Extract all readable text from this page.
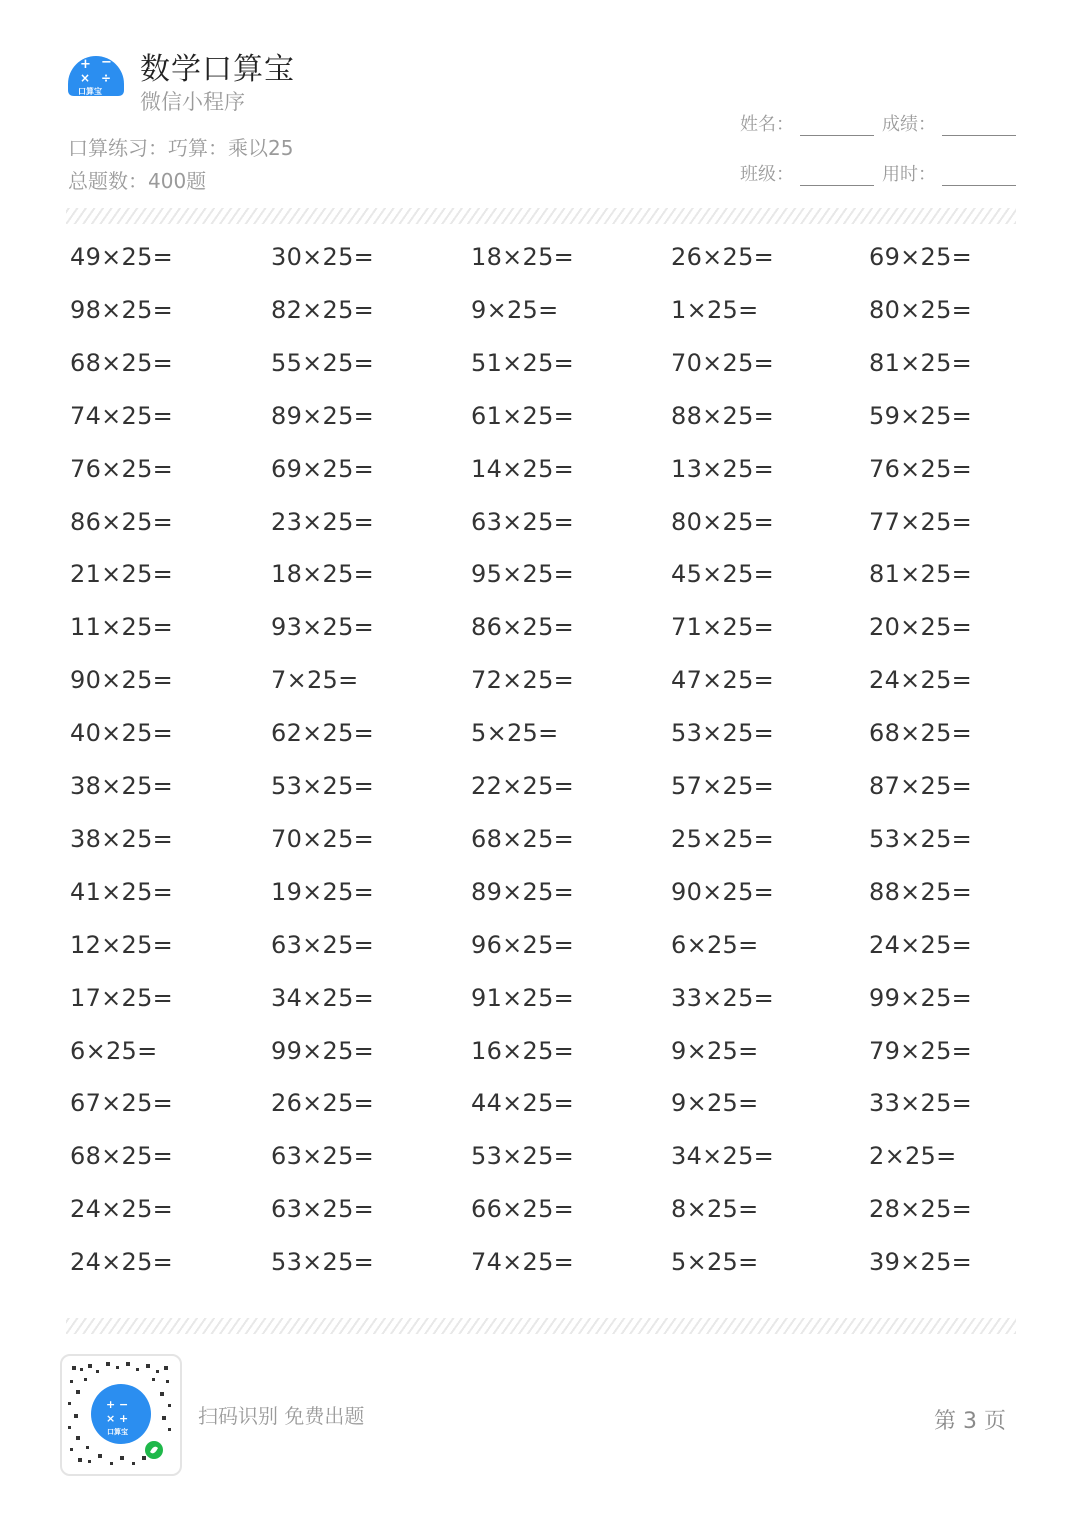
+ −
× ÷
口算宝
数学口算宝
微信小程序
口算练习：巧算：乘以25
总题数：400题
姓名：	成绩：
班级：	用时：
49×25=	30×25=	18×25=	26×25=	69×25=
98×25=	82×25=	9×25=	1×25=	80×25=
68×25=	55×25=	51×25=	70×25=	81×25=
74×25=	89×25=	61×25=	88×25=	59×25=
76×25=	69×25=	14×25=	13×25=	76×25=
86×25=	23×25=	63×25=	80×25=	77×25=
21×25=	18×25=	95×25=	45×25=	81×25=
11×25=	93×25=	86×25=	71×25=	20×25=
90×25=	7×25=	72×25=	47×25=	24×25=
40×25=	62×25=	5×25=	53×25=	68×25=
38×25=	53×25=	22×25=	57×25=	87×25=
38×25=	70×25=	68×25=	25×25=	53×25=
41×25=	19×25=	89×25=	90×25=	88×25=
12×25=	63×25=	96×25=	6×25=	24×25=
17×25=	34×25=	91×25=	33×25=	99×25=
6×25=	99×25=	16×25=	9×25=	79×25=
67×25=	26×25=	44×25=	9×25=	33×25=
68×25=	63×25=	53×25=	34×25=	2×25=
24×25=	63×25=	66×25=	8×25=	28×25=
24×25=	53×25=	74×25=	5×25=	39×25=
+ −
× +
口算宝
扫码识别 免费出题	第 3 页
